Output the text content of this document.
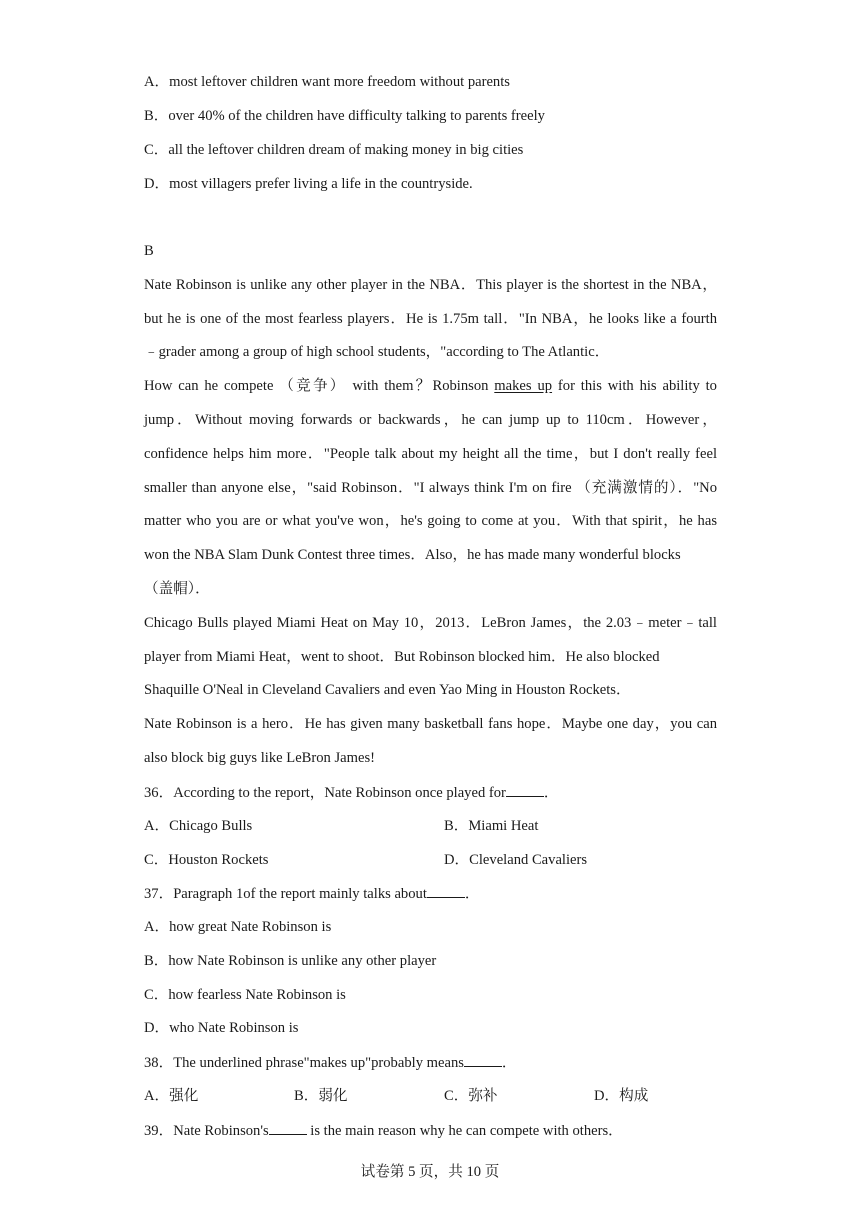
A．most leftover children want more freedom without parents
B．over 40% of the children have difficulty talking to parents freely
C．all the leftover children dream of making money in big cities
D．most villagers prefer living a life in the countryside.
B
Nate Robinson is unlike any other player in the NBA．This player is the shortest in the NBA，
but he is one of the most fearless players．He is 1.75m tall．"In NBA，he looks like a fourth
﹣grader among a group of high school students，"according to The Atlantic．
How can he compete （竞争） with them？Robinson makes up for this with his ability to
jump．Without moving forwards or backwards，he can jump up to 110cm．However，
confidence helps him more．"People talk about my height all the time，but I don't really feel
smaller than anyone else，"said Robinson．"I always think I'm on fire （充满激情的）．"No
matter who you are or what you've won，he's going to come at you．With that spirit，he has
won the NBA Slam Dunk Contest three times．Also，he has made many wonderful blocks
（盖帽）．
Chicago Bulls played Miami Heat on May 10，2013．LeBron James，the 2.03﹣meter﹣tall
player from Miami Heat，went to shoot．But Robinson blocked him．He also blocked
Shaquille O'Neal in Cleveland Cavaliers and even Yao Ming in Houston Rockets．
Nate Robinson is a hero．He has given many basketball fans hope．Maybe one day，you can
also block big guys like LeBron James!
36．According to the report，Nate Robinson once played for	．
A．Chicago Bulls	B．Miami Heat
C．Houston Rockets	D．Cleveland Cavaliers
37．Paragraph 1of the report mainly talks about	．
A．how great Nate Robinson is
B．how Nate Robinson is unlike any other player
C．how fearless Nate Robinson is
D．who Nate Robinson is
38．The underlined phrase"makes up"probably means	．
A．强化	B．弱化	C．弥补	D．构成
39．Nate Robinson's	is the main reason why he can compete with others．
试卷第 5 页，共 10 页
